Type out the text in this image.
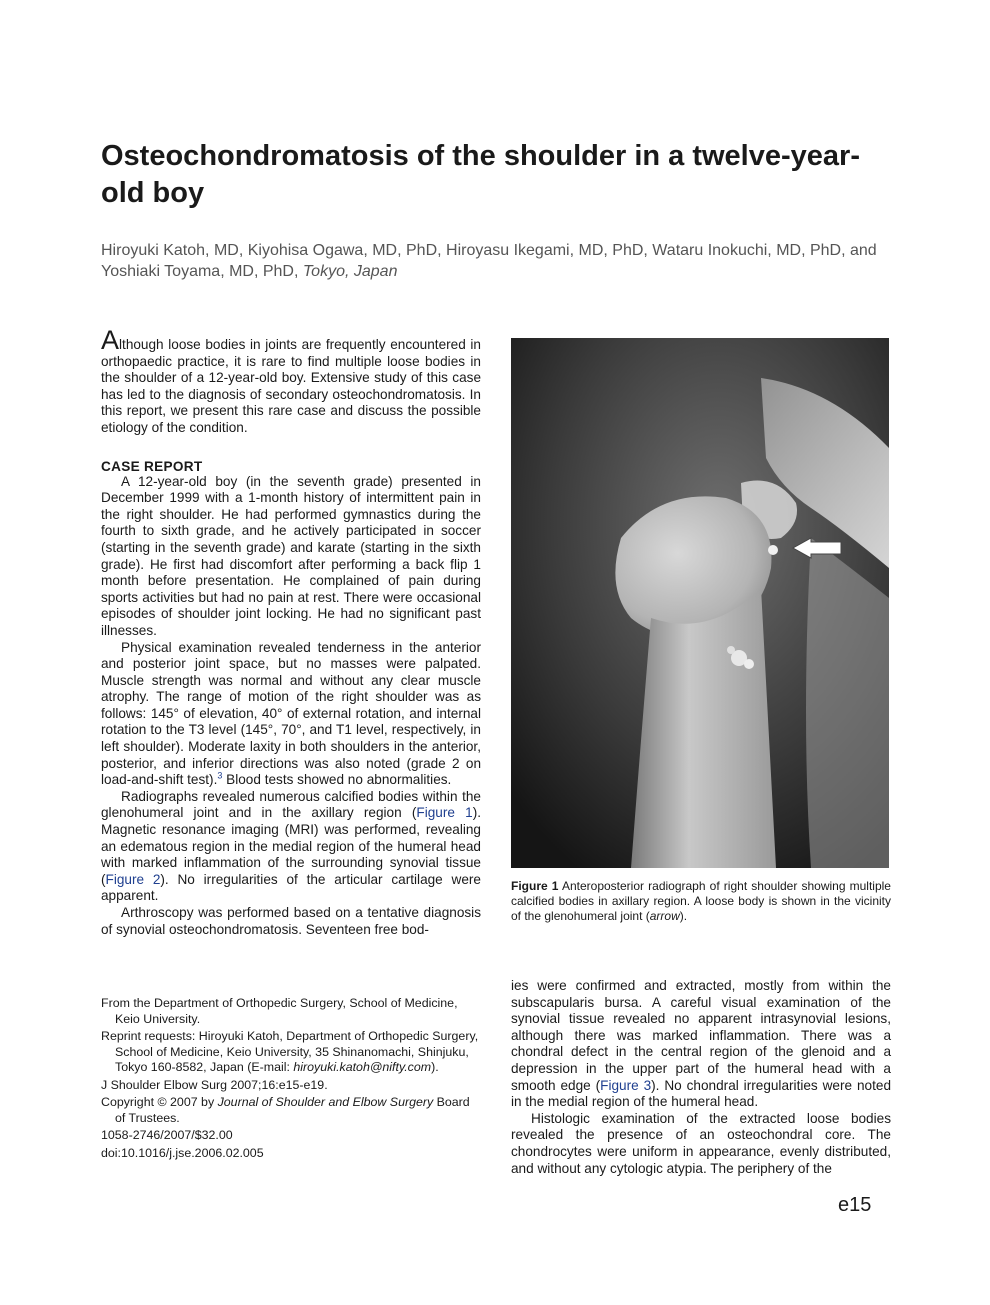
Osteochondromatosis of the shoulder in a twelve-year-old boy

Hiroyuki Katoh, MD, Kiyohisa Ogawa, MD, PhD, Hiroyasu Ikegami, MD, PhD, Wataru Inokuchi, MD, PhD, and Yoshiaki Toyama, MD, PhD, Tokyo, Japan

Although loose bodies in joints are frequently encountered in orthopaedic practice, it is rare to find multiple loose bodies in the shoulder of a 12-year-old boy. Extensive study of this case has led to the diagnosis of secondary osteochondromatosis. In this report, we present this rare case and discuss the possible etiology of the condition.

CASE REPORT

A 12-year-old boy (in the seventh grade) presented in December 1999 with a 1-month history of intermittent pain in the right shoulder. He had performed gymnastics during the fourth to sixth grade, and he actively participated in soccer (starting in the seventh grade) and karate (starting in the sixth grade). He first had discomfort after performing a back flip 1 month before presentation. He complained of pain during sports activities but had no pain at rest. There were occasional episodes of shoulder joint locking. He had no significant past illnesses.

Physical examination revealed tenderness in the anterior and posterior joint space, but no masses were palpated. Muscle strength was normal and without any clear muscle atrophy. The range of motion of the right shoulder was as follows: 145° of elevation, 40° of external rotation, and internal rotation to the T3 level (145°, 70°, and T1 level, respectively, in left shoulder). Moderate laxity in both shoulders in the anterior, posterior, and inferior directions was also noted (grade 2 on load-and-shift test).$^3$ Blood tests showed no abnormalities.

Radiographs revealed numerous calcified bodies within the glenohumeral joint and in the axillary region (Figure 1). Magnetic resonance imaging (MRI) was performed, revealing an edematous region in the medial region of the humeral head with marked inflammation of the surrounding synovial tissue (Figure 2). No irregularities of the articular cartilage were apparent.

Arthroscopy was performed based on a tentative diagnosis of synovial osteochondromatosis. Seventeen free bod-

From the Department of Orthopedic Surgery, School of Medicine, Keio University.

Reprint requests: Hiroyuki Katoh, Department of Orthopedic Surgery, School of Medicine, Keio University, 35 Shinanomachi, Shinjuku, Tokyo 160-8582, Japan (E-mail: hiroyuki.katoh@nifty.com).

J Shoulder Elbow Surg 2007;16:e15-e19.

Copyright © 2007 by Journal of Shoulder and Elbow Surgery Board of Trustees.

1058-2746/2007/$32.00

doi:10.1016/j.jse.2006.02.005

Figure 1 Anteroposterior radiograph of right shoulder showing multiple calcified bodies in axillary region. A loose body is shown in the vicinity of the glenohumeral joint (arrow).

ies were confirmed and extracted, mostly from within the subscapularis bursa. A careful visual examination of the synovial tissue revealed no apparent intrasynovial lesions, although there was marked inflammation. There was a chondral defect in the central region of the glenoid and a depression in the upper part of the humeral head with a smooth edge (Figure 3). No chondral irregularities were noted in the medial region of the humeral head.

Histologic examination of the extracted loose bodies revealed the presence of an osteochondral core. The chondrocytes were uniform in appearance, evenly distributed, and without any cytologic atypia. The periphery of the

e15
